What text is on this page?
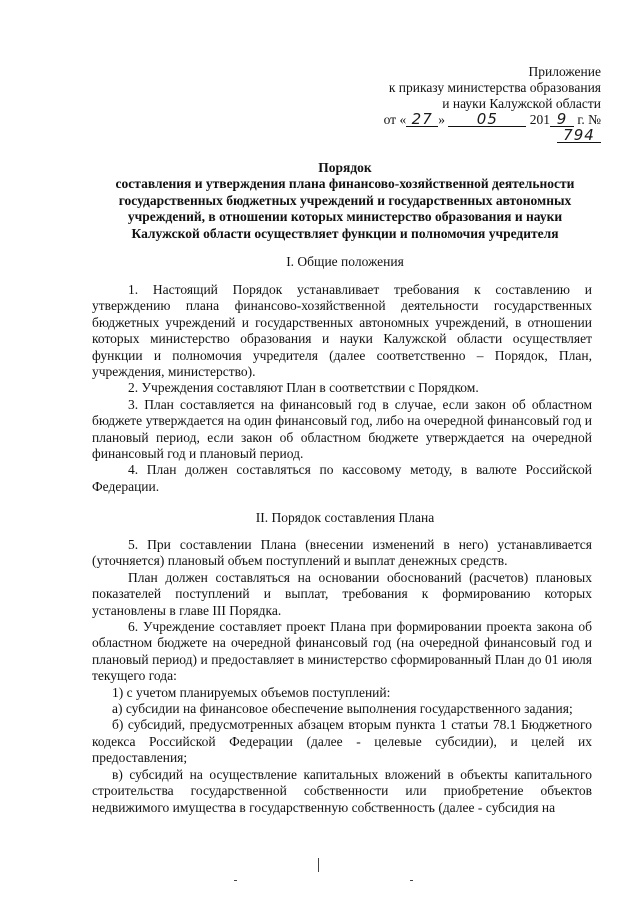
Приложение
к приказу министерства образования
и науки Калужской области
от « 27 » 05 201 9 г. № 794
Порядок
составления и утверждения плана финансово-хозяйственной деятельности
государственных бюджетных учреждений и государственных автономных
учреждений, в отношении которых министерство образования и науки
Калужской области осуществляет функции и полномочия учредителя
I. Общие положения

1. Настоящий Порядок устанавливает требования к составлению и утверждению плана финансово-хозяйственной деятельности государственных бюджетных учреждений и государственных автономных учреждений, в отношении которых министерство образования и науки Калужской области осуществляет функции и полномочия учредителя (далее соответственно – Порядок, План, учреждения, министерство).

2. Учреждения составляют План в соответствии с Порядком.

3. План составляется на финансовый год в случае, если закон об областном бюджете утверждается на один финансовый год, либо на очередной финансовый год и плановый период, если закон об областном бюджете утверждается на очередной финансовый год и плановый период.

4. План должен составляться по кассовому методу, в валюте Российской Федерации.

II. Порядок составления Плана

5. При составлении Плана (внесении изменений в него) устанавливается (уточняется) плановый объем поступлений и выплат денежных средств.

План должен составляться на основании обоснований (расчетов) плановых показателей поступлений и выплат, требования к формированию которых установлены в главе III Порядка.

6. Учреждение составляет проект Плана при формировании проекта закона об областном бюджете на очередной финансовый год (на очередной финансовый год и плановый период) и предоставляет в министерство сформированный План до 01 июля текущего года:

1) с учетом планируемых объемов поступлений:

а) субсидии на финансовое обеспечение выполнения государственного задания;

б) субсидий, предусмотренных абзацем вторым пункта 1 статьи 78.1 Бюджетного кодекса Российской Федерации (далее - целевые субсидии), и целей их предоставления;

в) субсидий на осуществление капитальных вложений в объекты капитального строительства государственной собственности или приобретение объектов недвижимого имущества в государственную собственность (далее - субсидия на
